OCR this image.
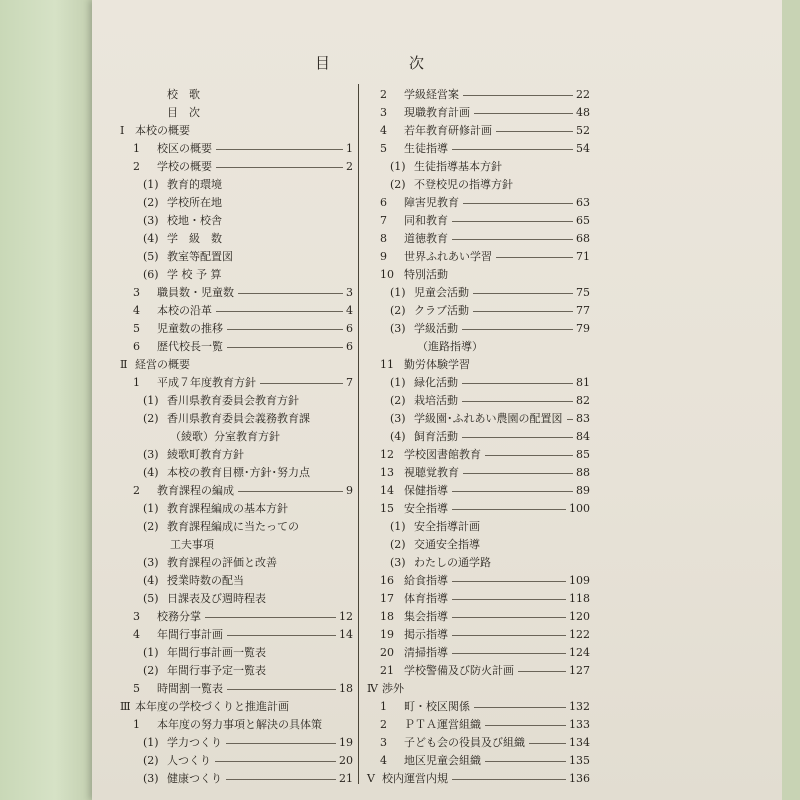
目　次
校　歌
目　次
Ⅰ 本校の概要
1 校区の概要	1
2 学校の概要	2
(1) 教育的環境
(2) 学校所在地
(3) 校地・校舎
(4) 学　級　数
(5) 教室等配置図
(6) 学 校 予 算
3 職員数・児童数	3
4 本校の沿革	4
5 児童数の推移	6
6 歴代校長一覧	6
Ⅱ 経営の概要
1 平成７年度教育方針	7
(1) 香川県教育委員会教育方針
(2) 香川県教育委員会義務教育課
（綾歌）分室教育方針
(3) 綾歌町教育方針
(4) 本校の教育目標･方針･努力点
2 教育課程の編成	9
(1) 教育課程編成の基本方針
(2) 教育課程編成に当たっての
工夫事項
(3) 教育課程の評価と改善
(4) 授業時数の配当
(5) 日課表及び週時程表
3 校務分掌	12
4 年間行事計画	14
(1) 年間行事計画一覧表
(2) 年間行事予定一覧表
5 時間割一覧表	18
Ⅲ 本年度の学校づくりと推進計画
1 本年度の努力事項と解決の具体策
(1) 学力つくり	19
(2) 人つくり	20
(3) 健康つくり	21
2 学級経営案	22
3 現職教育計画	48
4 若年教育研修計画	52
5 生徒指導	54
(1) 生徒指導基本方針
(2) 不登校児の指導方針
6 障害児教育	63
7 同和教育	65
8 道徳教育	68
9 世界ふれあい学習	71
10 特別活動
(1) 児童会活動	75
(2) クラブ活動	77
(3) 学級活動	79
（進路指導）
11 勤労体験学習
(1) 緑化活動	81
(2) 栽培活動	82
(3) 学級園･ふれあい農園の配置図 83
(4) 飼育活動	84
12 学校図書館教育	85
13 視聴覚教育	88
14 保健指導	89
15 安全指導	100
(1) 安全指導計画
(2) 交通安全指導
(3) わたしの通学路
16 給食指導	109
17 体育指導	118
18 集会指導	120
19 掲示指導	122
20 清掃指導	124
21 学校警備及び防火計画	127
Ⅳ 渉外
1 町・校区関係	132
2 ＰＴＡ運営組織	133
3 子ども会の役員及び組織	134
4 地区児童会組織	135
Ⅴ 校内運営内規	136
